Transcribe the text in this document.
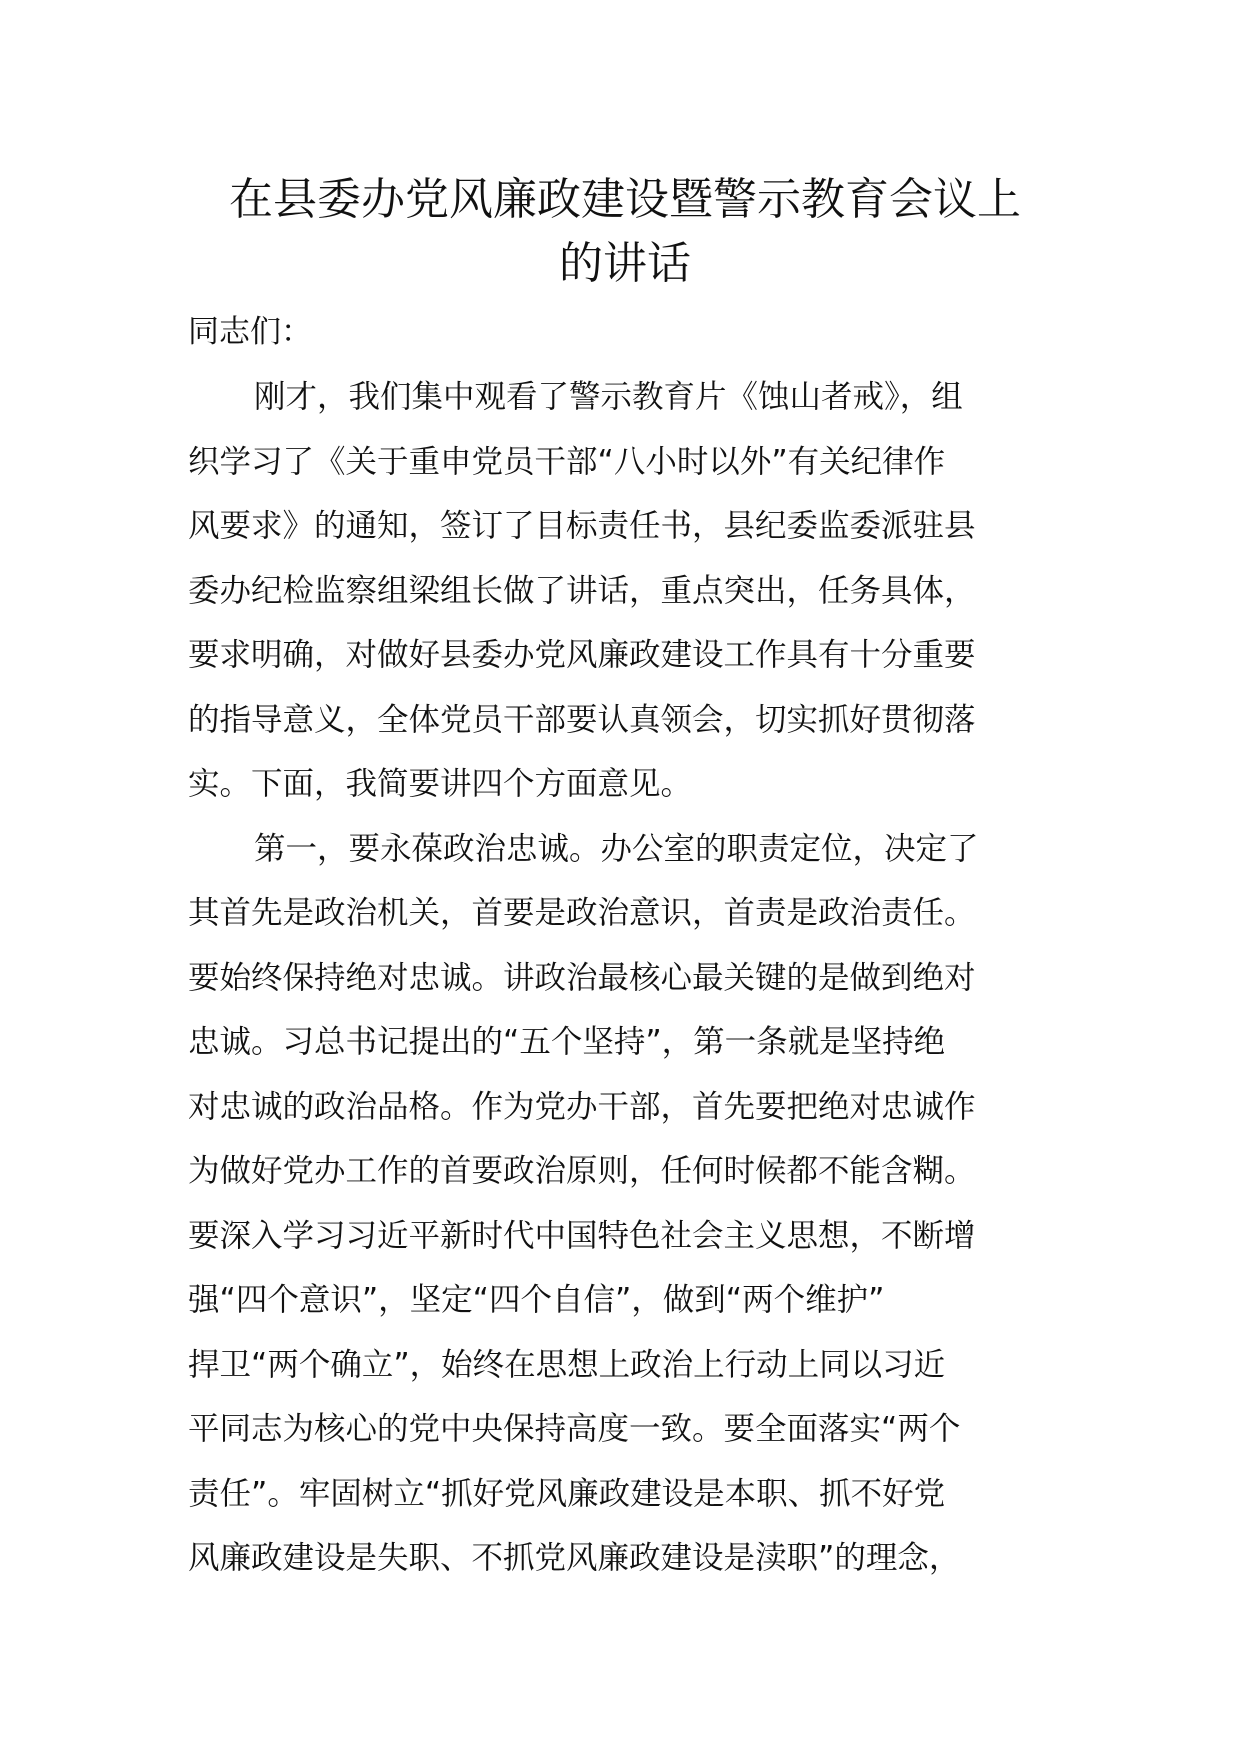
在县委办党风廉政建设暨警示教育会议上
的讲话
同志们：
刚才，我们集中观看了警示教育片《蚀山者戒》，组
织学习了《关于重申党员干部“八小时以外”有关纪律作
风要求》的通知，签订了目标责任书，县纪委监委派驻县
委办纪检监察组梁组长做了讲话，重点突出，任务具体，
要求明确，对做好县委办党风廉政建设工作具有十分重要
的指导意义，全体党员干部要认真领会，切实抓好贯彻落
实。下面，我简要讲四个方面意见。
第一，要永葆政治忠诚。办公室的职责定位，决定了
其首先是政治机关，首要是政治意识，首责是政治责任。
要始终保持绝对忠诚。讲政治最核心最关键的是做到绝对
忠诚。习总书记提出的“五个坚持”，第一条就是坚持绝
对忠诚的政治品格。作为党办干部，首先要把绝对忠诚作
为做好党办工作的首要政治原则，任何时候都不能含糊。
要深入学习习近平新时代中国特色社会主义思想，不断增
强“四个意识”，坚定“四个自信”，做到“两个维护”
捍卫“两个确立”，始终在思想上政治上行动上同以习近
平同志为核心的党中央保持高度一致。要全面落实“两个
责任”。牢固树立“抓好党风廉政建设是本职、抓不好党
风廉政建设是失职、不抓党风廉政建设是渎职”的理念，
